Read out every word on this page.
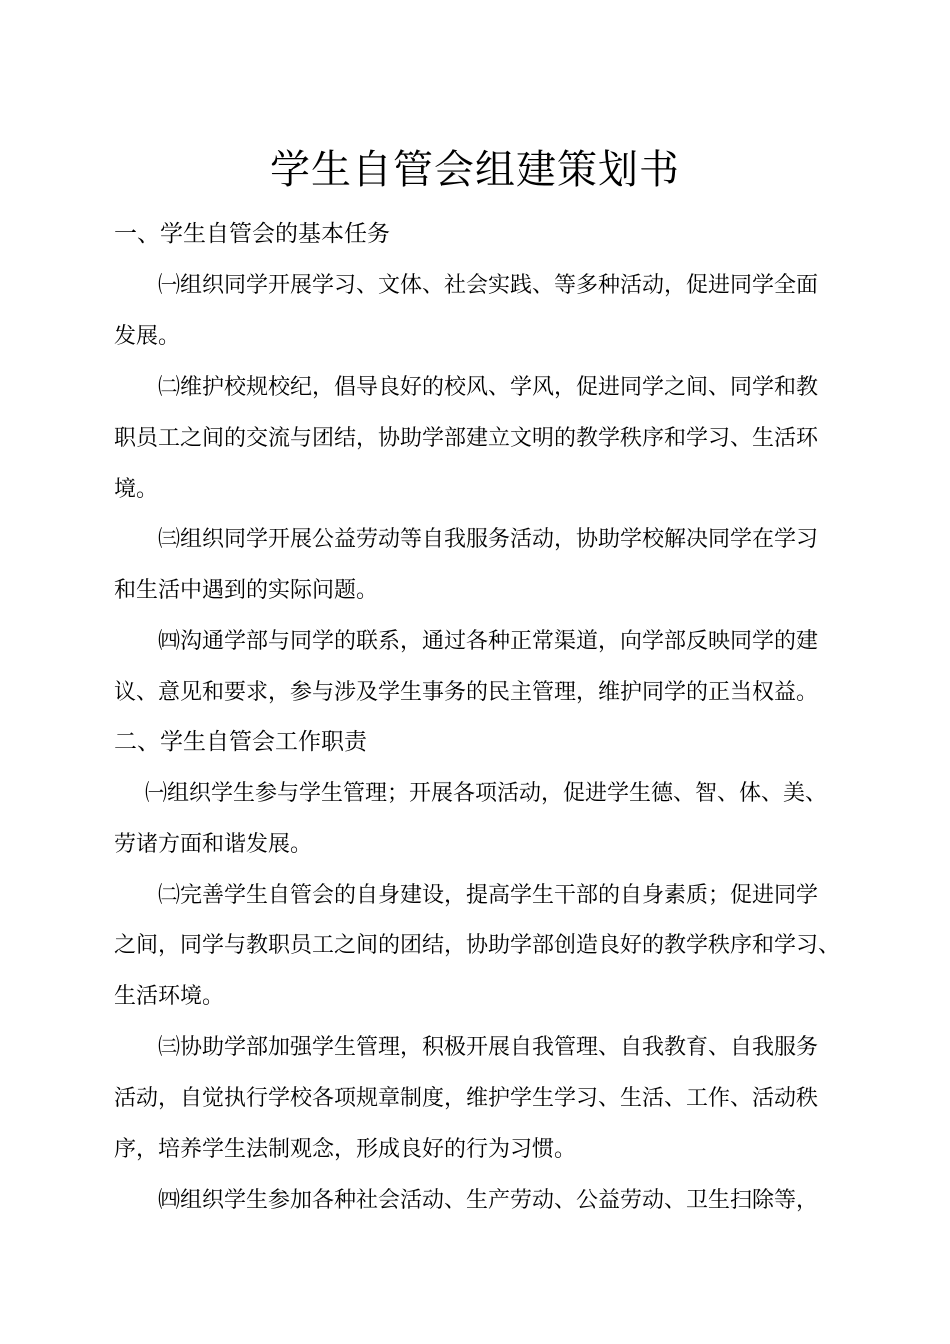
学生自管会组建策划书
一、学生自管会的基本任务
㈠组织同学开展学习、文体、社会实践、等多种活动，促进同学全面
发展。
㈡维护校规校纪，倡导良好的校风、学风，促进同学之间、同学和教
职员工之间的交流与团结，协助学部建立文明的教学秩序和学习、生活环
境。
㈢组织同学开展公益劳动等自我服务活动，协助学校解决同学在学习
和生活中遇到的实际问题。
㈣沟通学部与同学的联系，通过各种正常渠道，向学部反映同学的建
议、意见和要求，参与涉及学生事务的民主管理，维护同学的正当权益。
二、学生自管会工作职责
㈠组织学生参与学生管理；开展各项活动，促进学生德、智、体、美、
劳诸方面和谐发展。
㈡完善学生自管会的自身建设，提高学生干部的自身素质；促进同学
之间，同学与教职员工之间的团结，协助学部创造良好的教学秩序和学习、
生活环境。
㈢协助学部加强学生管理，积极开展自我管理、自我教育、自我服务
活动，自觉执行学校各项规章制度，维护学生学习、生活、工作、活动秩
序，培养学生法制观念，形成良好的行为习惯。
㈣组织学生参加各种社会活动、生产劳动、公益劳动、卫生扫除等，
